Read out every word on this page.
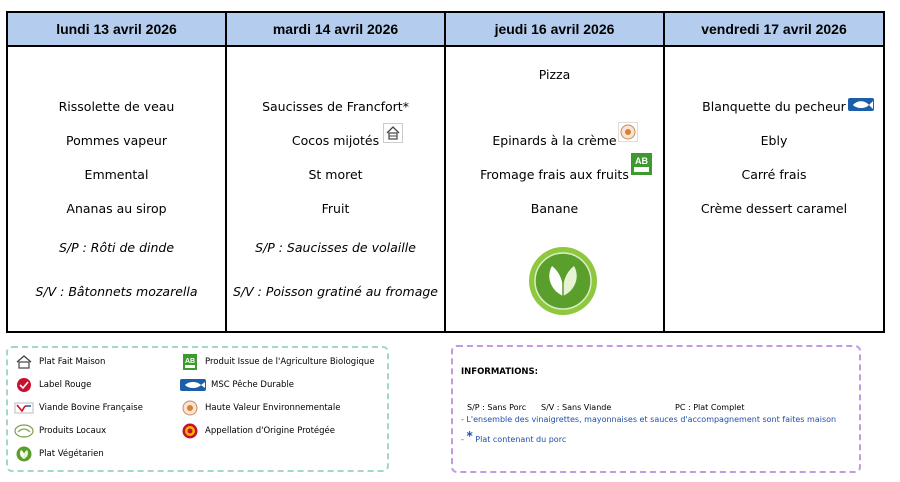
lundi 13 avril 2026
Rissolette de veau
Pommes vapeur
Emmental
Ananas au sirop
S/P : Rôti de dinde
S/V : Bâtonnets mozarella
mardi 14 avril 2026
Saucisses de Francfort*
Cocos mijotés
St moret
Fruit
S/P : Saucisses de volaille
S/V : Poisson gratiné au fromage
jeudi 16 avril 2026
Pizza
Epinards à la crème
Fromage frais aux fruits
AB
Banane
vendredi 17 avril 2026
Blanquette du pecheur
Ebly
Carré frais
Crème dessert caramel
Plat Fait Maison
Label Rouge
Viande Bovine Française
Produits Locaux
Plat Végétarien
AB Produit Issue de l'Agriculture Biologique
MSC Pêche Durable
Haute Valeur Environnementale
Appellation d'Origine Protégée
INFORMATIONS:
S/P : Sans Porc S/V : Sans Viande	PC : Plat Complet
- L'ensemble des vinaigrettes, mayonnaises et sauces d'accompagnement sont faites maison
- * Plat contenant du porc
